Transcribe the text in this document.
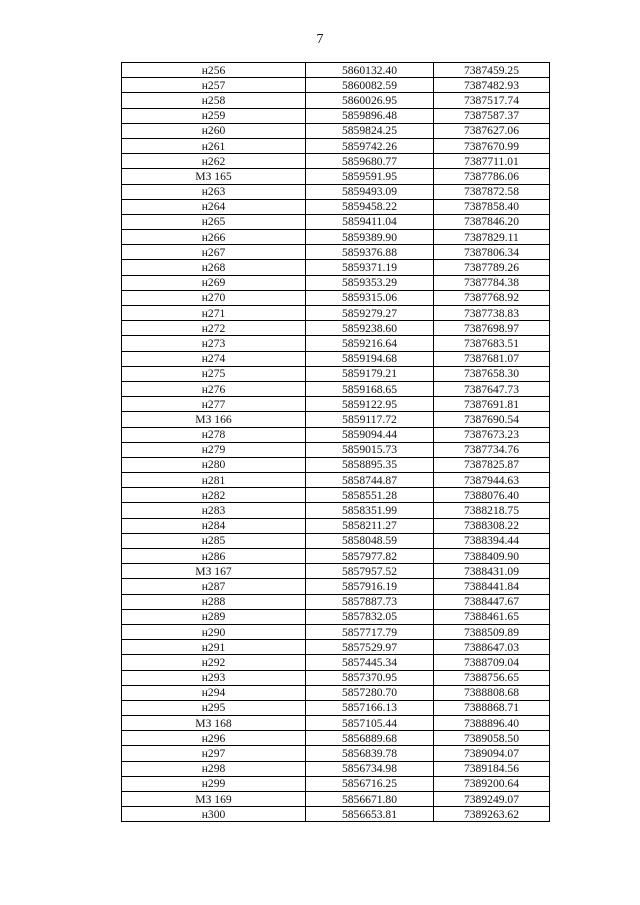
7
н256	5860132.40	7387459.25
н257	5860082.59	7387482.93
н258	5860026.95	7387517.74
н259	5859896.48	7387587.37
н260	5859824.25	7387627.06
н261	5859742.26	7387670.99
н262	5859680.77	7387711.01
МЗ 165	5859591.95	7387786.06
н263	5859493.09	7387872.58
н264	5859458.22	7387858.40
н265	5859411.04	7387846.20
н266	5859389.90	7387829.11
н267	5859376.88	7387806.34
н268	5859371.19	7387789.26
н269	5859353.29	7387784.38
н270	5859315.06	7387768.92
н271	5859279.27	7387738.83
н272	5859238.60	7387698.97
н273	5859216.64	7387683.51
н274	5859194.68	7387681.07
н275	5859179.21	7387658.30
н276	5859168.65	7387647.73
н277	5859122.95	7387691.81
МЗ 166	5859117.72	7387690.54
н278	5859094.44	7387673.23
н279	5859015.73	7387734.76
н280	5858895.35	7387825.87
н281	5858744.87	7387944.63
н282	5858551.28	7388076.40
н283	5858351.99	7388218.75
н284	5858211.27	7388308.22
н285	5858048.59	7388394.44
н286	5857977.82	7388409.90
МЗ 167	5857957.52	7388431.09
н287	5857916.19	7388441.84
н288	5857887.73	7388447.67
н289	5857832.05	7388461.65
н290	5857717.79	7388509.89
н291	5857529.97	7388647.03
н292	5857445.34	7388709.04
н293	5857370.95	7388756.65
н294	5857280.70	7388808.68
н295	5857166.13	7388868.71
МЗ 168	5857105.44	7388896.40
н296	5856889.68	7389058.50
н297	5856839.78	7389094.07
н298	5856734.98	7389184.56
н299	5856716.25	7389200.64
МЗ 169	5856671.80	7389249.07
н300	5856653.81	7389263.62
